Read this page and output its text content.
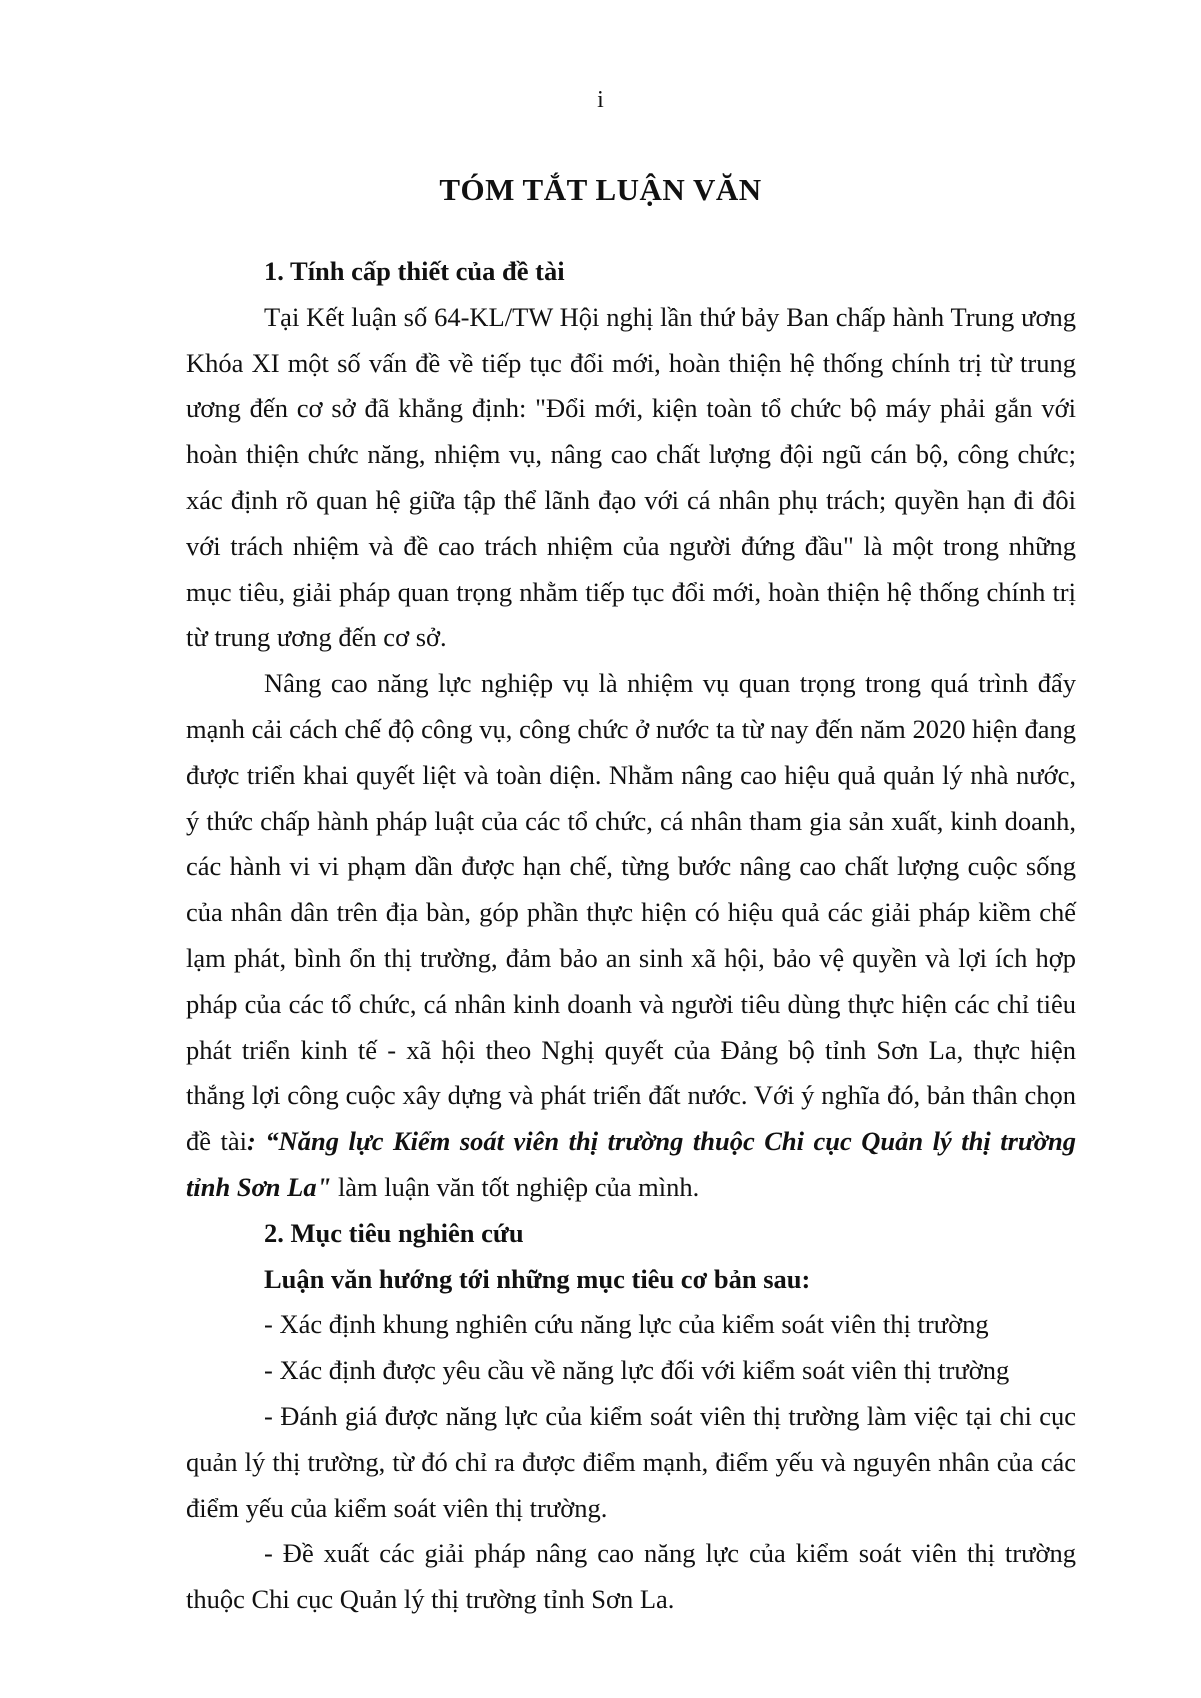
i
TÓM TẮT LUẬN VĂN

1. Tính cấp thiết của đề tài

Tại Kết luận số 64-KL/TW Hội nghị lần thứ bảy Ban chấp hành Trung ương Khóa XI một số vấn đề về tiếp tục đổi mới, hoàn thiện hệ thống chính trị từ trung ương đến cơ sở đã khẳng định: "Đổi mới, kiện toàn tổ chức bộ máy phải gắn với hoàn thiện chức năng, nhiệm vụ, nâng cao chất lượng đội ngũ cán bộ, công chức; xác định rõ quan hệ giữa tập thể lãnh đạo với cá nhân phụ trách; quyền hạn đi đôi với trách nhiệm và đề cao trách nhiệm của người đứng đầu" là một trong những mục tiêu, giải pháp quan trọng nhằm tiếp tục đổi mới, hoàn thiện hệ thống chính trị từ trung ương đến cơ sở.

Nâng cao năng lực nghiệp vụ là nhiệm vụ quan trọng trong quá trình đẩy mạnh cải cách chế độ công vụ, công chức ở nước ta từ nay đến năm 2020 hiện đang được triển khai quyết liệt và toàn diện. Nhằm nâng cao hiệu quả quản lý nhà nước, ý thức chấp hành pháp luật của các tổ chức, cá nhân tham gia sản xuất, kinh doanh, các hành vi vi phạm dần được hạn chế, từng bước nâng cao chất lượng cuộc sống của nhân dân trên địa bàn, góp phần thực hiện có hiệu quả các giải pháp kiềm chế lạm phát, bình ổn thị trường, đảm bảo an sinh xã hội, bảo vệ quyền và lợi ích hợp pháp của các tổ chức, cá nhân kinh doanh và người tiêu dùng thực hiện các chỉ tiêu phát triển kinh tế - xã hội theo Nghị quyết của Đảng bộ tỉnh Sơn La, thực hiện thắng lợi công cuộc xây dựng và phát triển đất nước. Với ý nghĩa đó, bản thân chọn đề tài: “Năng lực Kiểm soát viên thị trường thuộc Chi cục Quản lý thị trường tỉnh Sơn La" làm luận văn tốt nghiệp của mình.

2. Mục tiêu nghiên cứu

Luận văn hướng tới những mục tiêu cơ bản sau:

- Xác định khung nghiên cứu năng lực của kiểm soát viên thị trường

- Xác định được yêu cầu về năng lực đối với kiểm soát viên thị trường

- Đánh giá được năng lực của kiểm soát viên thị trường làm việc tại chi cục quản lý thị trường, từ đó chỉ ra được điểm mạnh, điểm yếu và nguyên nhân của các điểm yếu của kiểm soát viên thị trường.

- Đề xuất các giải pháp nâng cao năng lực của kiểm soát viên thị trường thuộc Chi cục Quản lý thị trường tỉnh Sơn La.
